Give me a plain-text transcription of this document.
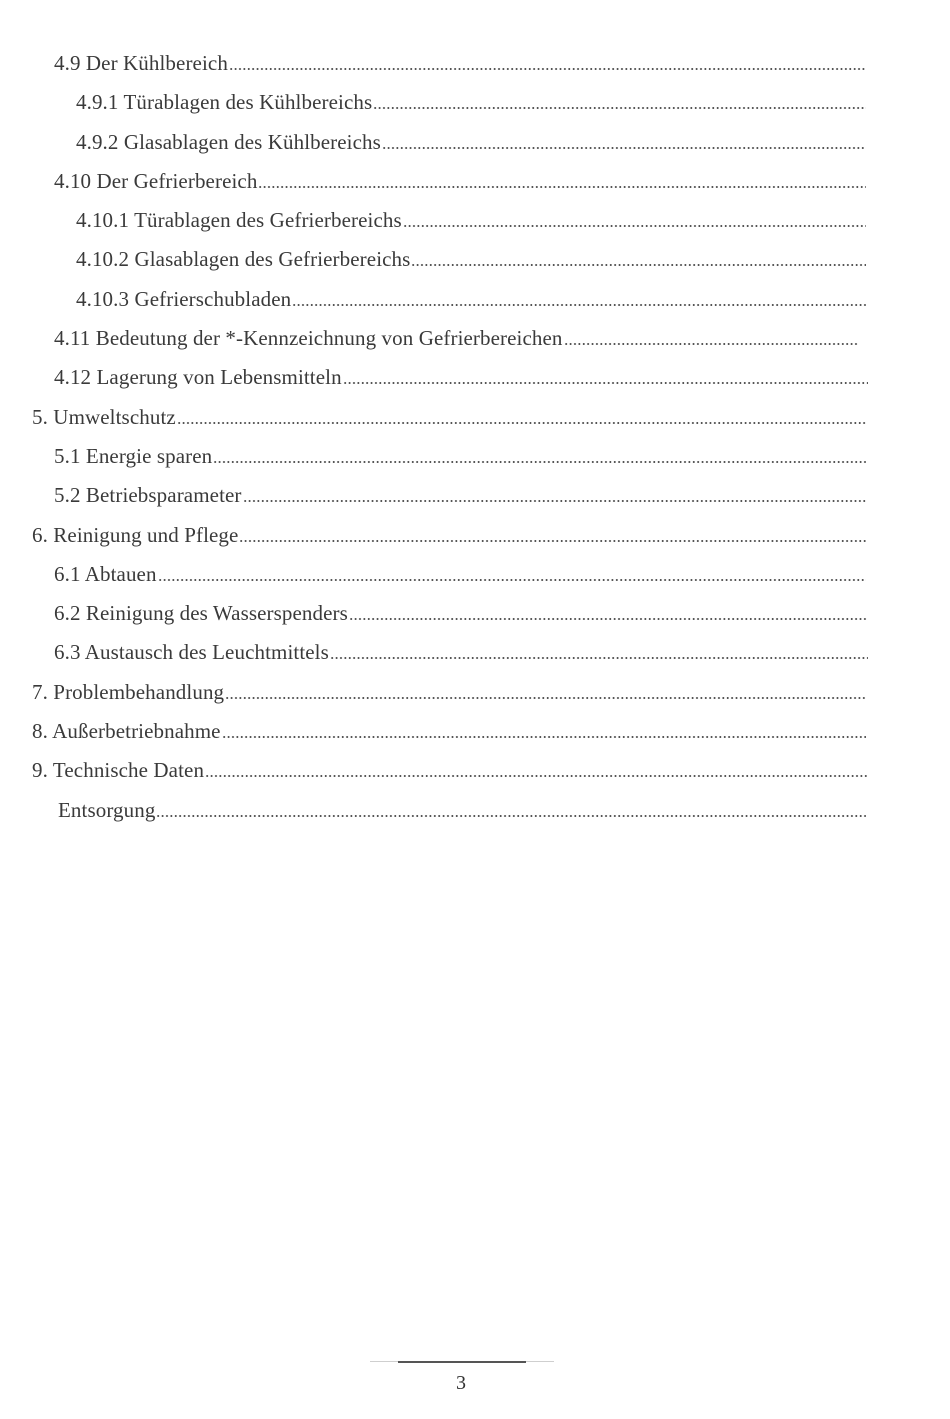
4.9 Der Kühlbereich
4.9.1 Türablagen des Kühlbereichs
4.9.2 Glasablagen des Kühlbereichs
4.10 Der Gefrierbereich
4.10.1 Türablagen des Gefrierbereichs
4.10.2 Glasablagen des Gefrierbereichs
4.10.3 Gefrierschubladen
4.11 Bedeutung der *-Kennzeichnung von Gefrierbereichen
4.12 Lagerung von Lebensmitteln
5. Umweltschutz
5.1 Energie sparen
5.2 Betriebsparameter
6. Reinigung und Pflege
6.1 Abtauen
6.2 Reinigung des Wasserspenders
6.3 Austausch des Leuchtmittels
7. Problembehandlung
8. Außerbetriebnahme
9. Technische Daten
Entsorgung
3
